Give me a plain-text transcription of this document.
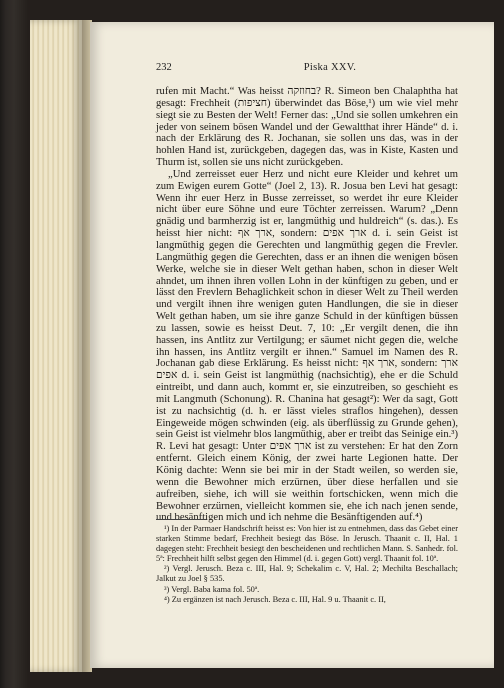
232	Piska XXV.

rufen mit Macht.“ Was heisst בחוזקה? R. Simeon ben Chalaphtha hat gesagt: Frechheit (חציפות) überwindet das Böse,¹) um wie viel mehr siegt sie zu Besten der Welt! Ferner das: „Und sie sollen umkehren ein jeder von seinem bösen Wandel und der Gewaltthat ihrer Hände“ d. i. nach der Erklärung des R. Jochanan, sie sollen uns das, was in der hohlen Hand ist, zurückgeben, dagegen das, was in Kiste, Kasten und Thurm ist, sollen sie uns nicht zurückgeben.

„Und zerreisset euer Herz und nicht eure Kleider und kehret um zum Ewigen eurem Gotte“ (Joel 2, 13). R. Josua ben Levi hat gesagt: Wenn ihr euer Herz in Busse zerreisset, so werdet ihr eure Kleider nicht über eure Söhne und eure Töchter zerreissen. Warum? „Denn gnädig und barmherzig ist er, langmüthig und huldreich“ (s. das.). Es heisst hier nicht: ארך אף, sondern: ארך אפים d. i. sein Geist ist langmüthig gegen die Gerechten und langmüthig gegen die Frevler. Langmüthig gegen die Gerechten, dass er an ihnen die wenigen bösen Werke, welche sie in dieser Welt gethan haben, schon in dieser Welt ahndet, um ihnen ihren vollen Lohn in der künftigen zu geben, und er lässt den Frevlern Behaglichkeit schon in dieser Welt zu Theil werden und vergilt ihnen ihre wenigen guten Handlungen, die sie in dieser Welt gethan haben, um sie ihre ganze Schuld in der künftigen büssen zu lassen, sowie es heisst Deut. 7, 10: „Er vergilt denen, die ihn hassen, ins Antlitz zur Vertilgung; er säumet nicht gegen die, welche ihn hassen, ins Antlitz vergilt er ihnen.“ Samuel im Namen des R. Jochanan gab diese Erklärung. Es heisst nicht: ארך אף, sondern: ארך אפים d. i. sein Geist ist langmüthig (nachsichtig), ehe er die Schuld eintreibt, und dann auch, kommt er, sie einzutreiben, so geschieht es mit Langmuth (Schonung). R. Chanina hat gesagt²): Wer da sagt, Gott ist zu nachsichtig (d. h. er lässt vieles straflos hingehen), dessen Eingeweide mögen schwinden (eig. als überflüssig zu Grunde gehen), sein Geist ist vielmehr blos langmüthig, aber er treibt das Seinige ein.³) R. Levi hat gesagt: Unter ארך אפים ist zu verstehen: Er hat den Zorn entfernt. Gleich einem König, der zwei harte Legionen hatte. Der König dachte: Wenn sie bei mir in der Stadt weilen, so werden sie, wenn die Bewohner mich erzürnen, über diese herfallen und sie aufreiben, siehe, ich will sie weithin fortschicken, wenn mich die Bewohner erzürnen, vielleicht kommen sie, ehe ich nach jenen sende, und besänftigen mich und ich nehme die Besänftigenden auf.⁴)

¹) In der Parmaer Handschrift heisst es: Von hier ist zu entnehmen, dass das Gebet einer starken Stimme bedarf, Frechheit besiegt das Böse. In Jerusch. Thaanit c. II, Hal. 1 dagegen steht: Frechheit besiegt den bescheidenen und rechtlichen Mann. S. Sanhedr. fol. 5ª: Frechheit hilft selbst gegen den Himmel (d. i. gegen Gott) vergl. Thaanit fol. 10ª.

²) Vergl. Jerusch. Beza c. III, Hal. 9; Schekalim c. V, Hal. 2; Mechilta Beschallach; Jalkut zu Joel § 535.

³) Vergl. Baba kama fol. 50ª.

⁴) Zu ergänzen ist nach Jerusch. Beza c. III, Hal. 9 u. Thaanit c. II,
